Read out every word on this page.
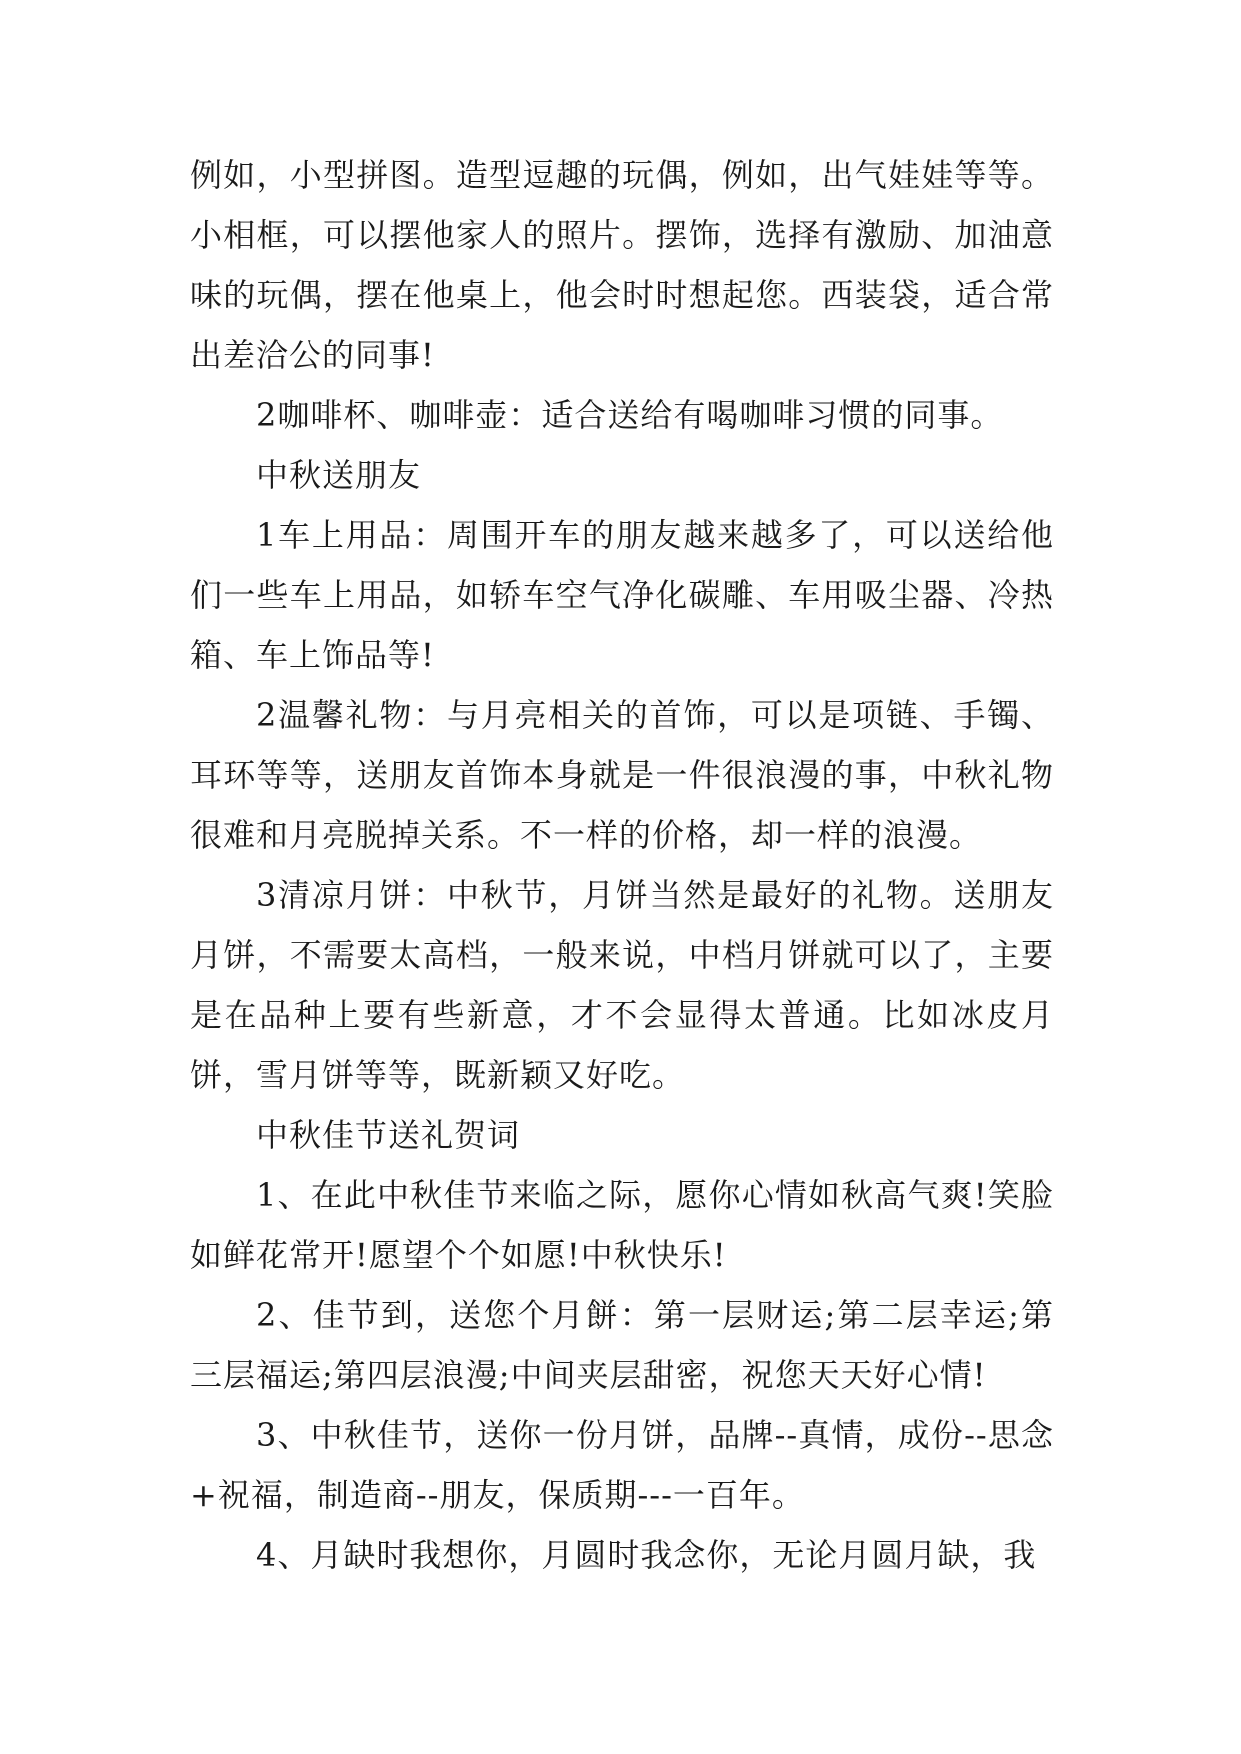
例如，小型拼图。造型逗趣的玩偶，例如，出气娃娃等等。小相框，可以摆他家人的照片。摆饰，选择有激励、加油意味的玩偶，摆在他桌上，他会时时想起您。西装袋，适合常出差洽公的同事!

2咖啡杯、咖啡壶：适合送给有喝咖啡习惯的同事。

中秋送朋友

1车上用品：周围开车的朋友越来越多了，可以送给他们一些车上用品，如轿车空气净化碳雕、车用吸尘器、冷热箱、车上饰品等!

2温馨礼物：与月亮相关的首饰，可以是项链、手镯、耳环等等，送朋友首饰本身就是一件很浪漫的事，中秋礼物很难和月亮脱掉关系。不一样的价格，却一样的浪漫。

3清凉月饼：中秋节，月饼当然是最好的礼物。送朋友月饼，不需要太高档，一般来说，中档月饼就可以了，主要是在品种上要有些新意，才不会显得太普通。比如冰皮月饼，雪月饼等等，既新颖又好吃。

中秋佳节送礼贺词

1、在此中秋佳节来临之际，愿你心情如秋高气爽!笑脸如鲜花常开!愿望个个如愿!中秋快乐!

2、佳节到，送您个月餅：第一层财运;第二层幸运;第三层福运;第四层浪漫;中间夹层甜密，祝您天天好心情!

3、中秋佳节，送你一份月饼，品牌--真情，成份--思念+祝福，制造商--朋友，保质期---一百年。

4、月缺时我想你，月圆时我念你，无论月圆月缺，我
